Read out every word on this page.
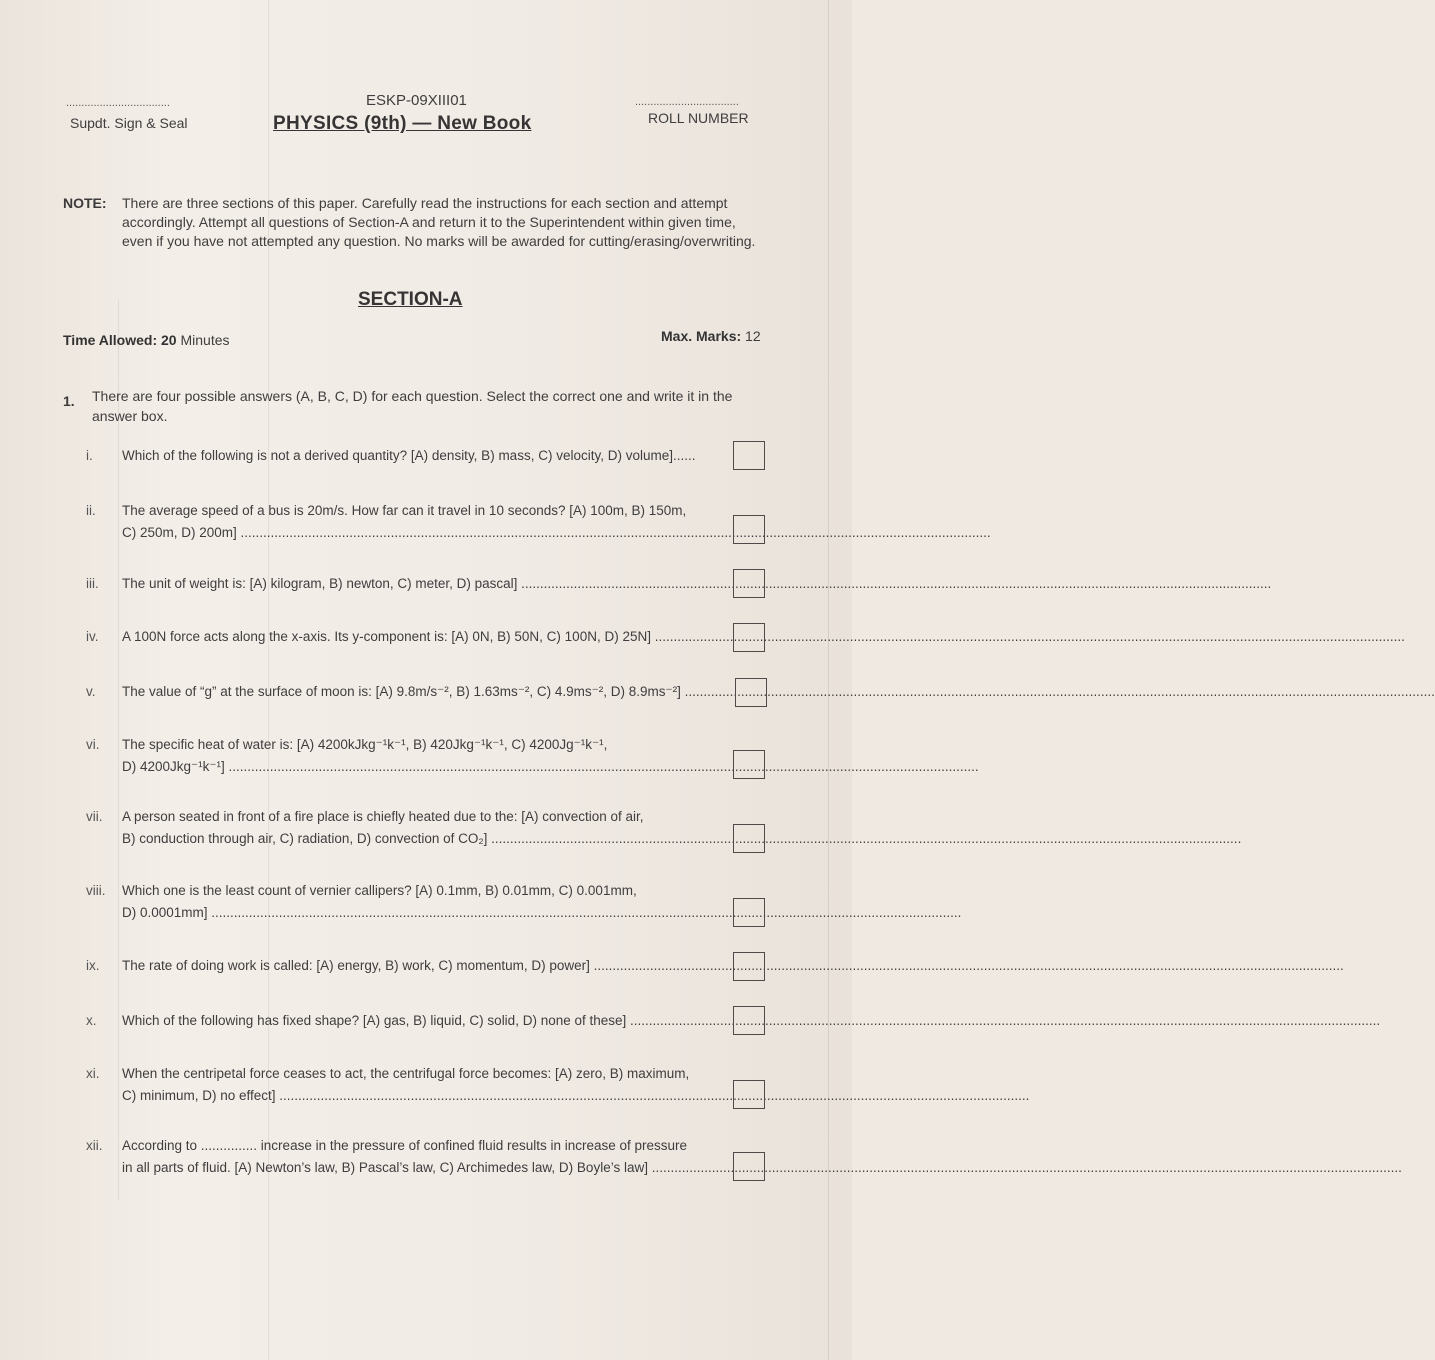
..................................
Supdt. Sign & Seal
ESKP-09XIII01
PHYSICS (9th) — New Book
..................................
ROLL NUMBER
NOTE: There are three sections of this paper. Carefully read the instructions for each section and attempt
accordingly. Attempt all questions of Section-A and return it to the Superintendent within given time,
even if you have not attempted any question. No marks will be awarded for cutting/erasing/overwriting.
SECTION-A
Time Allowed: 20 Minutes	Max. Marks: 12
1. There are four possible answers (A, B, C, D) for each question. Select the correct one and write it in the
answer box.
i.	Which of the following is not a derived quantity? [A) density, B) mass, C) velocity, D) volume]......
ii.	The average speed of a bus is 20m/s. How far can it travel in 10 seconds? [A) 100m, B) 150m,
C) 250m, D) 200m] ........................................................................................................................................................................................................
iii.	The unit of weight is: [A) kilogram, B) newton, C) meter, D) pascal] ........................................................................................................................................................................................................
iv.	A 100N force acts along the x-axis. Its y-component is: [A) 0N, B) 50N, C) 100N, D) 25N] ........................................................................................................................................................................................................
v.	The value of “g” at the surface of moon is: [A) 9.8m/s⁻², B) 1.63ms⁻², C) 4.9ms⁻², D) 8.9ms⁻²] ........................................................................................................................................................................................................
vi.	The specific heat of water is: [A) 4200kJkg⁻¹k⁻¹, B) 420Jkg⁻¹k⁻¹, C) 4200Jg⁻¹k⁻¹,
D) 4200Jkg⁻¹k⁻¹] ........................................................................................................................................................................................................
vii.	A person seated in front of a fire place is chiefly heated due to the: [A) convection of air,
B) conduction through air, C) radiation, D) convection of CO₂] ........................................................................................................................................................................................................
viii.	Which one is the least count of vernier callipers? [A) 0.1mm, B) 0.01mm, C) 0.001mm,
D) 0.0001mm] ........................................................................................................................................................................................................
ix.	The rate of doing work is called: [A) energy, B) work, C) momentum, D) power] ........................................................................................................................................................................................................
x.	Which of the following has fixed shape? [A) gas, B) liquid, C) solid, D) none of these] ........................................................................................................................................................................................................
xi.	When the centripetal force ceases to act, the centrifugal force becomes: [A) zero, B) maximum,
C) minimum, D) no effect] ........................................................................................................................................................................................................
xii.	According to ............... increase in the pressure of confined fluid results in increase of pressure
in all parts of fluid. [A) Newton’s law, B) Pascal’s law, C) Archimedes law, D) Boyle’s law] ........................................................................................................................................................................................................
